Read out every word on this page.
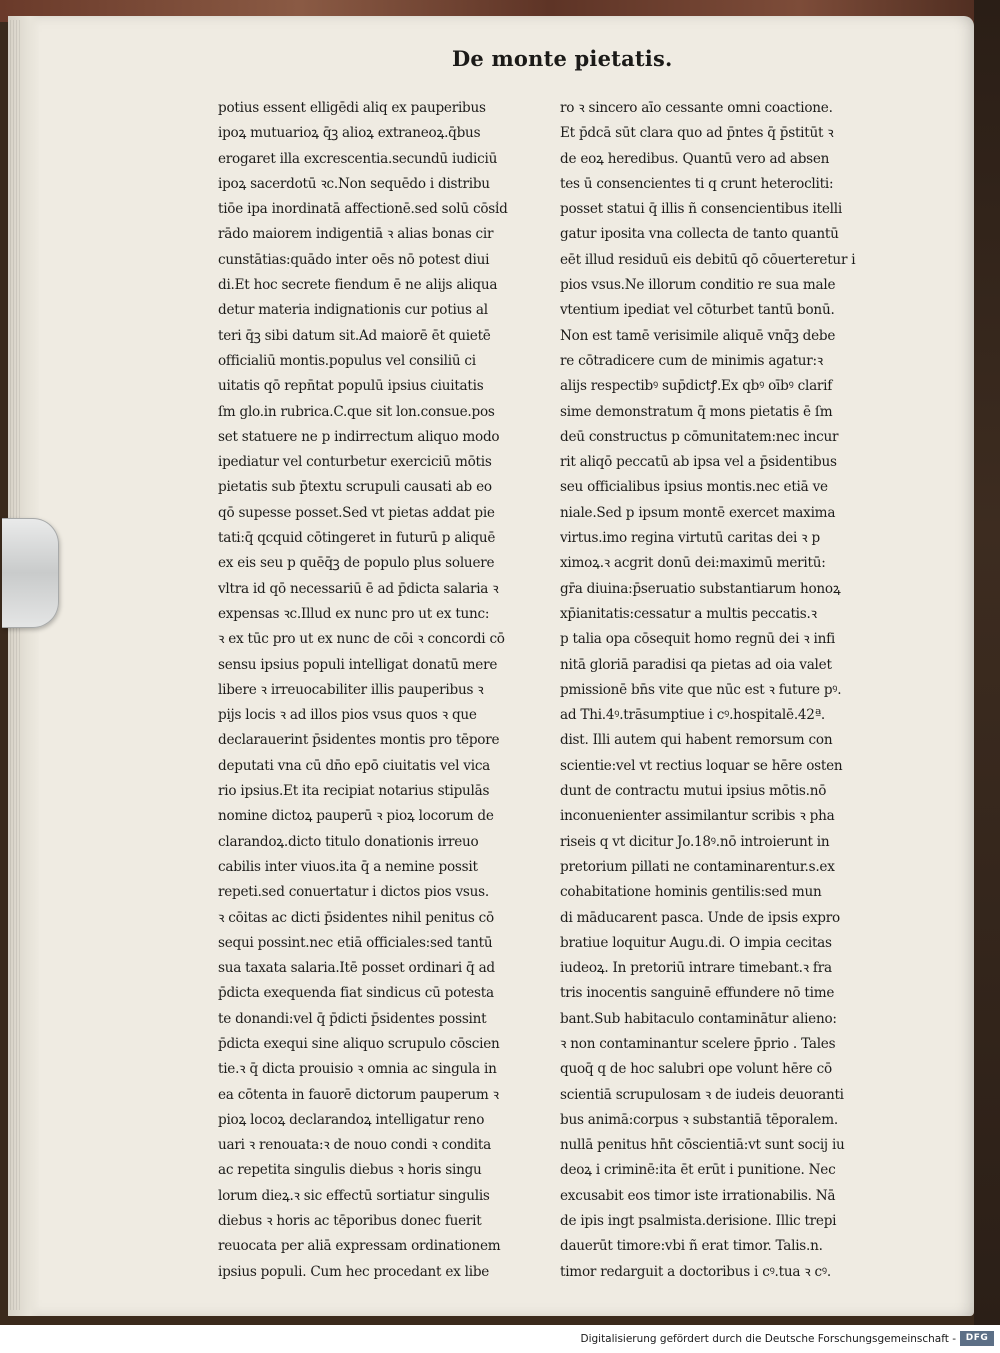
De monte pietatis.
potius essent elligēdi aliq ex pauperibus
ipoꝝ mutuarioꝝ q̄ꝫ alioꝝ extraneoꝝ.q̄bus
erogaret illa excrescentia.secundū iudiciū
ipoꝝ sacerdotū ꝛc.Non sequēdo i distribu
tiōe ipa inordinatā affectionē.sed solū cōsi̾d
rādo maiorem indigentiā ꝛ alias bonas cir
cunstātias:quādo inter oēs nō potest diui
di.Et hoc secrete fiendum ē ne alijs aliqua
detur materia indignationis cur potius al
teri q̄ꝫ sibi datum sit.Ad maiorē ēt quietē
officialiū montis.populus vel consiliū ci
uitatis qō repn̄tat populū ipsius ciuitatis
ſm glo.in rubrica.C.que sit lon.consue.pos
set statuere ne p indirrectum aliquo modo
ipediatur vel conturbetur exerciciū mōtis
pietatis sub p̄textu scrupuli causati ab eo
qō supesse posset.Sed vt pietas addat pie
tati:q̄ qcquid cōtingeret in futurū p aliquē
ex eis seu p quēq̄ꝫ de populo plus soluere
vltra id qō necessariū ē ad p̄dicta salaria ꝛ
expensas ꝛc.Illud ex nunc pro ut ex tunc:
ꝛ ex tūc pro ut ex nunc de cōi ꝛ concordi cō
sensu ipsius populi intelligat donatū mere
libere ꝛ irreuocabiliter illis pauperibus ꝛ
pijs locis ꝛ ad illos pios vsus quos ꝛ que
declarauerint p̄sidentes montis pro tēpore
deputati vna cū dn̄o epō ciuitatis vel vica
rio ipsius.Et ita recipiat notarius stipulās
nomine dictoꝝ pauperū ꝛ pioꝝ locorum de
clarandoꝝ.dicto titulo donationis irreuo
cabilis inter viuos.ita q̄ a nemine possit
repeti.sed conuertatur i dictos pios vsus.
ꝛ cōitas ac dicti p̄sidentes nihil penitus cō
sequi possint.nec etiā officiales:sed tantū
sua taxata salaria.Itē posset ordinari q̄ ad
p̄dicta exequenda fiat sindicus cū potesta
te donandi:vel q̄ p̄dicti p̄sidentes possint
p̄dicta exequi sine aliquo scrupulo cōscien
tie.ꝛ q̄ dicta prouisio ꝛ omnia ac singula in
ea cōtenta in fauorē dictorum pauperum ꝛ
pioꝝ locoꝝ declarandoꝝ intelligatur reno
uari ꝛ renouata:ꝛ de nouo condi ꝛ condita
ac repetita singulis diebus ꝛ horis singu
lorum dieꝝ.ꝛ sic effectū sortiatur singulis
diebus ꝛ horis ac tēporibus donec fuerit
reuocata per aliā expressam ordinationem
ipsius populi. Cum hec procedant ex libe
ro ꝛ sincero aīo cessante omni coactione.
Et p̄dcā sūt clara quo ad p̄ntes q̄ p̄stitūt ꝛ
de eoꝝ heredibus. Quantū vero ad absen
tes ū consencientes ti q crunt heterocliti:
posset statui q̄ illis ñ consencientibus itelli
gatur iposita vna collecta de tanto quantū
eēt illud residuū eis debitū qō cōuerteretur i
pios vsus.Ne illorum conditio re sua male
vtentium ipediat vel cōturbet tantū bonū.
Non est tamē verisimile aliquē vnq̄ꝫ debe
re cōtradicere cum de minimis agatur:ꝛ
alijs respectibꝰ sup̄dictꝭ.Ex qbꝰ oībꝰ clarif
sime demonstratum q̄ mons pietatis ē ſm
deū constructus p cōmunitatem:nec incur
rit aliqō peccatū ab ipsa vel a p̄sidentibus
seu officialibus ipsius montis.nec etiā ve
niale.Sed p ipsum montē exercet maxima
virtus.imo regina virtutū caritas dei ꝛ p
ximoꝝ.ꝛ acgrit donū dei:maximū meritū:
gr̄a diuina:p̄seruatio substantiarum honoꝝ
xp̄ianitatis:cessatur a multis peccatis.ꝛ
p talia opa cōsequit homo regnū dei ꝛ infi
nitā gloriā paradisi qa pietas ad oia valet
pmissionē bn̄s vite que nūc est ꝛ future pꝰ.
ad Thi.4ꝰ.trāsumptiue i cꝰ.hospitalē.42ª.
dist. Illi autem qui habent remorsum con
scientie:vel vt rectius loquar se hēre osten
dunt de contractu mutui ipsius mōtis.nō
inconuenienter assimilantur scribis ꝛ pha
riseis q vt dicitur Jo.18ꝰ.nō introierunt in
pretorium pillati ne contaminarentur.s.ex
cohabitatione hominis gentilis:sed mun
di māducarent pasca. Unde de ipsis expro
bratiue loquitur Augu.di. O impia cecitas
iudeoꝝ. In pretoriū intrare timebant.ꝛ fra
tris inocentis sanguinē effundere nō time
bant.Sub habitaculo contaminātur alieno:
ꝛ non contaminantur scelere p̄prio . Tales
quoq̄ q de hoc salubri ope volunt hēre cō
scientiā scrupulosam ꝛ de iudeis deuoranti
bus animā:corpus ꝛ substantiā tēporalem.
nullā penitus hn̄t cōscientiā:vt sunt socij iu
deoꝝ i criminē:ita ēt erūt i punitione. Nec
excusabit eos timor iste irrationabilis. Nā
de ipis ingt psalmista.derisione. Illic trepi
dauerūt timore:vbi ñ erat timor. Talis.n.
timor redarguit a doctoribus i cꝰ.tua ꝛ cꝰ.
Digitalisierung gefördert durch die Deutsche Forschungsgemeinschaft -	DFG
